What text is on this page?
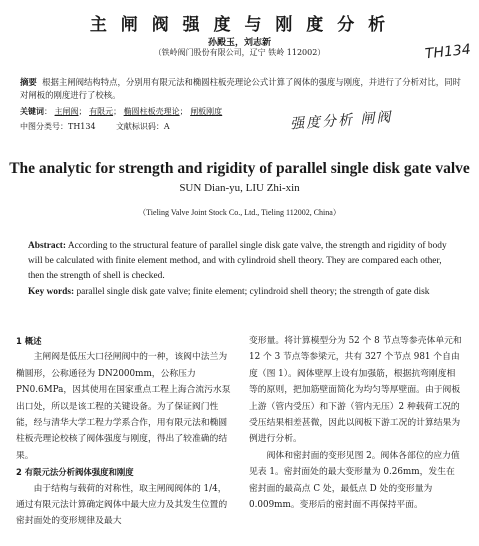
主 闸 阀 强 度 与 刚 度 分 析
孙殿玉，刘志新
（铁岭阀门股份有限公司，辽宁 铁岭 112002）	TH134
摘要 根据主闸阀结构特点，分别用有限元法和椭圆柱板壳理论公式计算了阀体的强度与刚度，并进行了分析对比，同时对闸板的刚度进行了校核。
关键词： 主闸阀； 有限元； 椭圆柱板壳理论； 闸板刚度
中图分类号：TH134	文献标识码：A	强度分析 闸阀
The analytic for strength and rigidity of parallel single disk gate valve
SUN Dian-yu, LIU Zhi-xin
（Tieling Valve Joint Stock Co., Ltd., Tieling 112002, China）
Abstract: According to the structural feature of parallel single disk gate valve, the strength and rigidity of body will be calculated with finite element method, and with cylindroid shell theory. They are compared each other, then the strength of shell is checked.
Key words: parallel single disk gate valve; finite element; cylindroid shell theory; the strength of gate disk

1 概述

主闸阀是低压大口径闸阀中的一种，该阀中法兰为椭圆形，公称通径为 DN2000mm，公称压力 PN0.6MPa，因其使用在国家重点工程上海合流污水泵出口处，所以是该工程的关键设备。为了保证阀门性能，经与清华大学工程力学系合作，用有限元法和椭圆柱板壳理论校核了阀体强度与刚度，得出了较准确的结果。

2 有限元法分析阀体强度和刚度

由于结构与载荷的对称性，取主闸阀阀体的 1/4，通过有限元法计算确定阀体中最大应力及其发生位置的密封面处的变形规律及最大

变形量。将计算模型分为 52 个 8 节点等参壳体单元和 12 个 3 节点等参梁元，共有 327 个节点 981 个自由度（图 1）。阀体壁厚上设有加强筋，根据抗弯刚度相等的原则，把加筋壁面简化为均匀等厚壁面。由于阀板上游（管内受压）和下游（管内无压）2 种载荷工况的受压结果相差甚微，因此以阀板下游工况的计算结果为例进行分析。

阀体和密封面的变形见图 2。阀体各部位的应力值见表 1。密封面处的最大变形量为 0.26mm，发生在密封面的最高点 C 处，最低点 D 处的变形量为 0.009mm。变形后的密封面不再保持平面。
